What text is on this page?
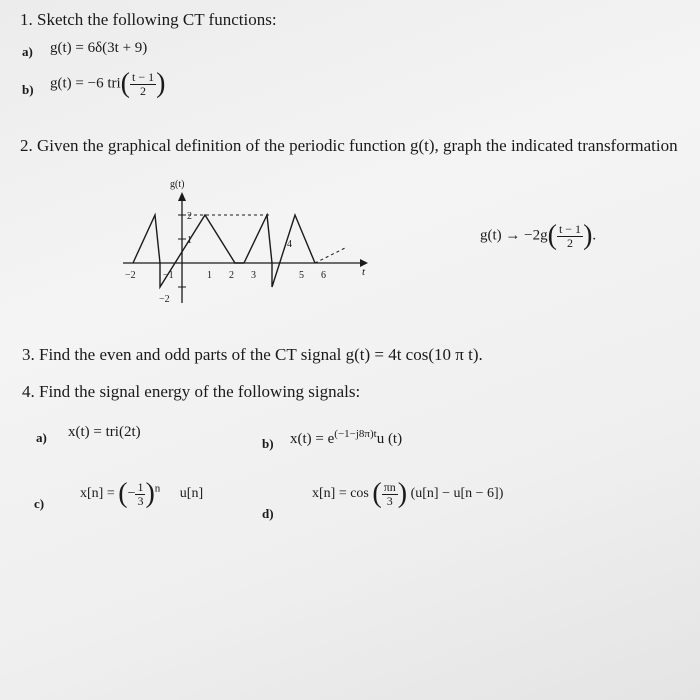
1. Sketch the following CT functions:
a) g(t) = 6δ(3t + 9)
b) g(t) = −6 $tri( \frac{t - 1}{2}$ )
2. Given the graphical definition of the periodic function g(t), graph the indicated transformation
g(t)
t
2
1
−2
−2	−1	1 2 3	5 6
4
$g(t) \to -2g( \frac{t - 1}{2}$ ).
3. Find the even and odd parts of the CT signal g(t) = 4t cos(10 π t).
4. Find the signal energy of the following signals:
a) x(t) = tri(2t)
b) $x(t) = e^{(-1-j8\pi)t}u$ (t)
c)
x[n] = (− $\frac{1}{3} )^n$ u[n]
d)
x[n] = cos ( $\frac{\pi n}{3}$ ) (u[n] − u[n − 6])
